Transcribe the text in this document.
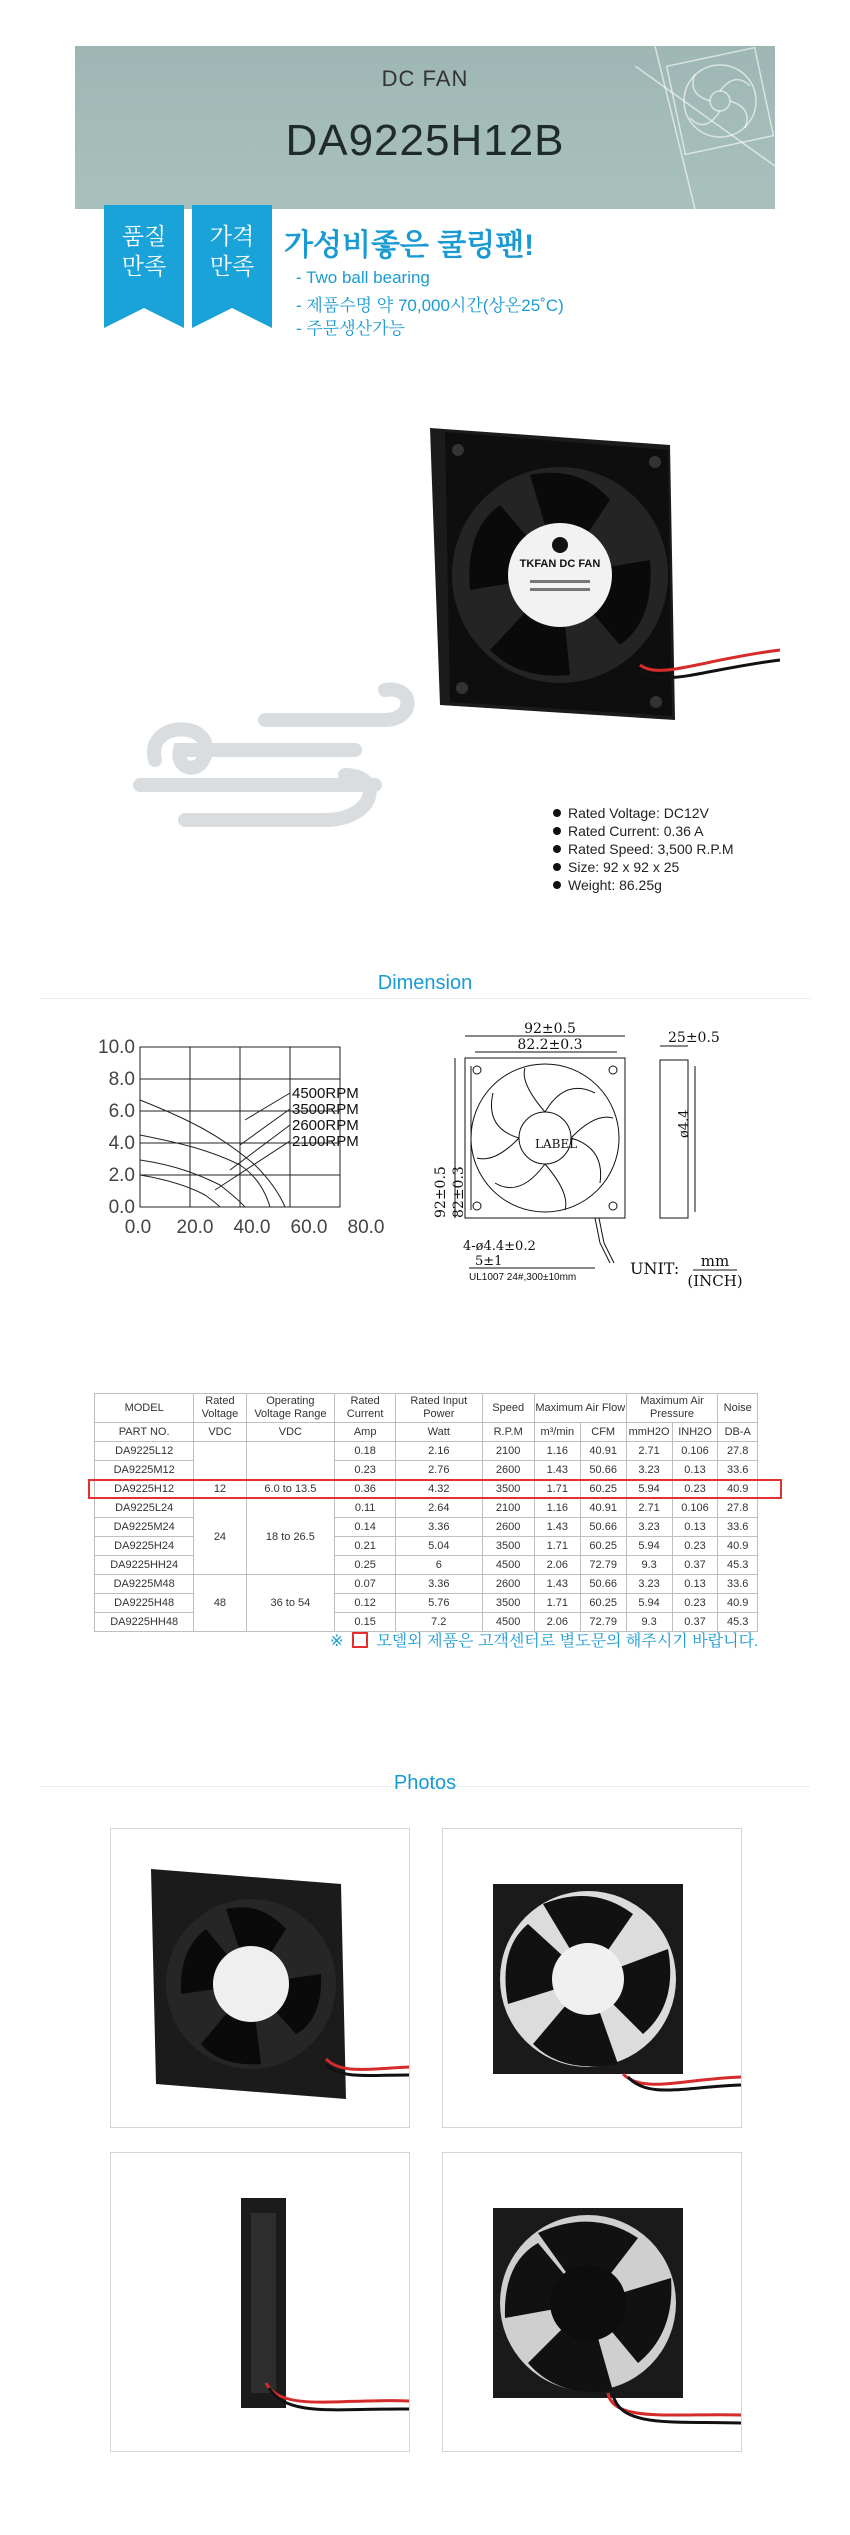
DC FAN
DA9225H12B
품질
만족
가격
만족
가성비좋은 쿨링팬!
- Two ball bearing
- 제품수명 약 70,000시간(상온25˚C)
- 주문생산가능
TKFAN DC FAN
Rated Voltage: DC12V
Rated Current: 0.36 A
Rated Speed: 3,500 R.P.M
Size: 92 x 92 x 25
Weight: 86.25g
Dimension
10.0
8.0
6.0
4.0
2.0
0.0
0.0 20.0 40.0 60.0 80.0
4500RPM
3500RPM
2600RPM
2100RPM
92±0.5
82.2±0.3	25±0.5
92±0.5 82±0.3
ø4.4
4-ø4.4±0.2
5±1
UL1007 24#,300±10mm
LABEL
UNIT: mm
(INCH)
MODEL	Rated Voltage	Operating Voltage Range	Rated Current	Rated Input Power	Speed	Maximum Air Flow		Maximum Air Pressure		Noise
PART NO.	VDC	VDC	Amp	Watt	R.P.M	m³/min	CFM	mmH2O	INH2O	DB-A
DA9225L12			0.18	2.16	2100	1.16	40.91	2.71	0.106	27.8
DA9225M12			0.23	2.76	2600	1.43	50.66	3.23	0.13	33.6
DA9225H12	12	6.0 to 13.5	0.36	4.32	3500	1.71	60.25	5.94	0.23	40.9
DA9225L24	24	18 to 26.5	0.11	2.64	2100	1.16	40.91	2.71	0.106	27.8
DA9225M24			0.14	3.36	2600	1.43	50.66	3.23	0.13	33.6
DA9225H24			0.21	5.04	3500	1.71	60.25	5.94	0.23	40.9
DA9225HH24			0.25	6	4500	2.06	72.79	9.3	0.37	45.3
DA9225M48	48	36 to 54	0.07	3.36	2600	1.43	50.66	3.23	0.13	33.6
DA9225H48			0.12	5.76	3500	1.71	60.25	5.94	0.23	40.9
DA9225HH48			0.15	7.2	4500	2.06	72.79	9.3	0.37	45.3
※ 모델외 제품은 고객센터로 별도문의 해주시기 바랍니다.
Photos
